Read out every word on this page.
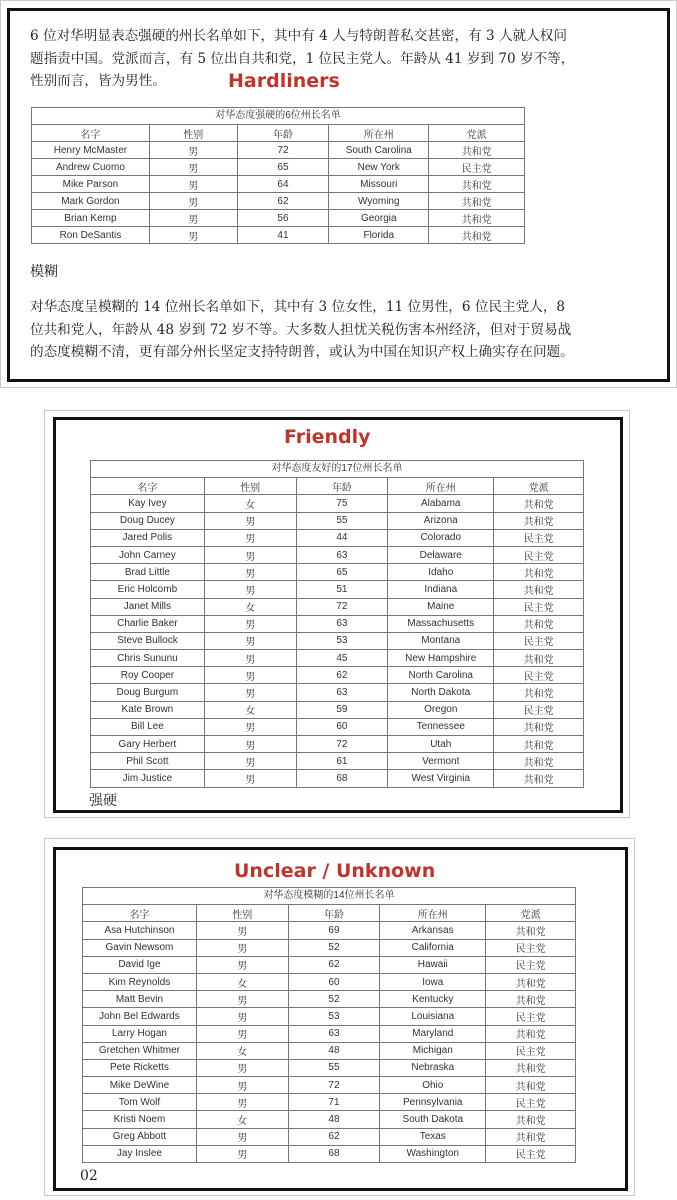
6 位对华明显表态强硬的州长名单如下，其中有 4 人与特朗普私交甚密，有 3 人就人权问
题指责中国。党派而言，有 5 位出自共和党，1 位民主党人。年龄从 41 岁到 70 岁不等，
性别而言，皆为男性。	Hardliners
对华态度强硬的6位州长名单
名字	性别	年龄	所在州	党派
Henry McMaster	男	72	South Carolina	共和党
Andrew Cuomo	男	65	New York	民主党
Mike Parson	男	64	Missouri	共和党
Mark Gordon	男	62	Wyoming	共和党
Brian Kemp	男	56	Georgia	共和党
Ron DeSantis	男	41	Florida	共和党
模糊
对华态度呈模糊的 14 位州长名单如下，其中有 3 位女性，11 位男性，6 位民主党人，8
位共和党人，年龄从 48 岁到 72 岁不等。大多数人担忧关税伤害本州经济，但对于贸易战
的态度模糊不清，更有部分州长坚定支持特朗普，或认为中国在知识产权上确实存在问题。
Friendly
对华态度友好的17位州长名单
名字	性别	年龄	所在州	党派
Kay Ivey	女	75	Alabama	共和党
Doug Ducey	男	55	Arizona	共和党
Jared Polis	男	44	Colorado	民主党
John Carney	男	63	Delaware	民主党
Brad Little	男	65	Idaho	共和党
Eric Holcomb	男	51	Indiana	共和党
Janet Mills	女	72	Maine	民主党
Charlie Baker	男	63	Massachusetts	共和党
Steve Bullock	男	53	Montana	民主党
Chris Sununu	男	45	New Hampshire	共和党
Roy Cooper	男	62	North Carolina	民主党
Doug Burgum	男	63	North Dakota	共和党
Kate Brown	女	59	Oregon	民主党
Bill Lee	男	60	Tennessee	共和党
Gary Herbert	男	72	Utah	共和党
Phil Scott	男	61	Vermont	共和党
Jim Justice	男	68	West Virginia	共和党
强硬
Unclear / Unknown
对华态度模糊的14位州长名单
名字	性别	年龄	所在州	党派
Asa Hutchinson	男	69	Arkansas	共和党
Gavin Newsom	男	52	California	民主党
David Ige	男	62	Hawaii	民主党
Kim Reynolds	女	60	Iowa	共和党
Matt Bevin	男	52	Kentucky	共和党
John Bel Edwards	男	53	Louisiana	民主党
Larry Hogan	男	63	Maryland	共和党
Gretchen Whitmer	女	48	Michigan	民主党
Pete Ricketts	男	55	Nebraska	共和党
Mike DeWine	男	72	Ohio	共和党
Tom Wolf	男	71	Pennsylvania	民主党
Kristi Noem	女	48	South Dakota	共和党
Greg Abbott	男	62	Texas	共和党
Jay Inslee	男	68	Washington	民主党
02
